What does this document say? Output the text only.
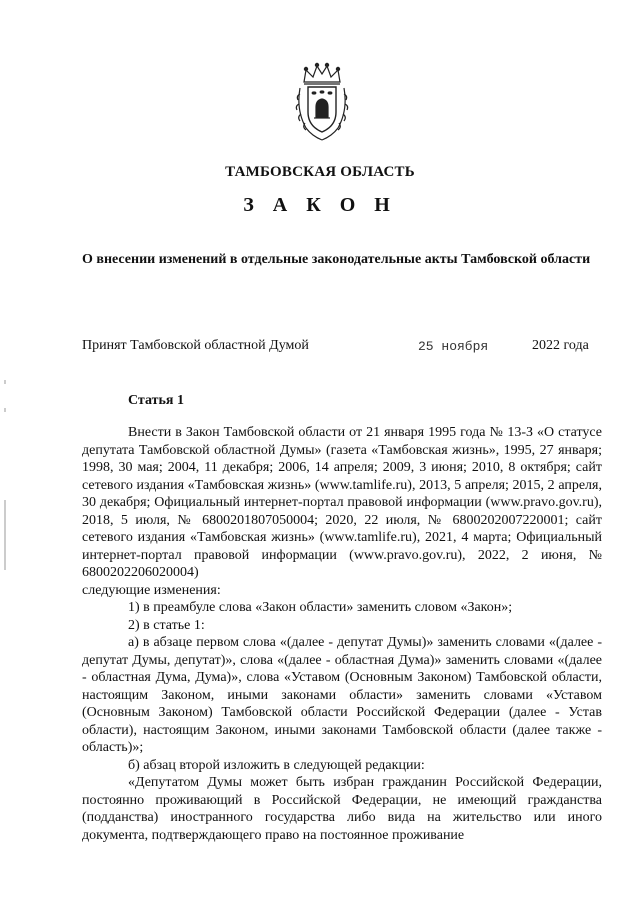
ТАМБОВСКАЯ ОБЛАСТЬ
З А К О Н
О внесении изменений в отдельные законодательные акты Тамбовской области
Принят Тамбовской областной Думой	25 ноября	2022 года
Статья 1

Внести в Закон Тамбовской области от 21 января 1995 года № 13-З «О статусе депутата Тамбовской областной Думы» (газета «Тамбовская жизнь», 1995, 27 января; 1998, 30 мая; 2004, 11 декабря; 2006, 14 апреля; 2009, 3 июня; 2010, 8 октября; сайт сетевого издания «Тамбовская жизнь» (www.tamlife.ru), 2013, 5 апреля; 2015, 2 апреля, 30 декабря; Официальный интернет-портал правовой информации (www.pravo.gov.ru), 2018, 5 июля, № 6800201807050004; 2020, 22 июля, № 6800202007220001; сайт сетевого издания «Тамбовская жизнь» (www.tamlife.ru), 2021, 4 марта; Официальный интернет-портал правовой информации (www.pravo.gov.ru), 2022, 2 июня, № 6800202206020004)

следующие изменения:

1) в преамбуле слова «Закон области» заменить словом «Закон»;

2) в статье 1:

а) в абзаце первом слова «(далее - депутат Думы)» заменить словами «(далее - депутат Думы, депутат)», слова «(далее - областная Дума)» заменить словами «(далее - областная Дума, Дума)», слова «Уставом (Основным Законом) Тамбовской области, настоящим Законом, иными законами области» заменить словами «Уставом (Основным Законом) Тамбовской области Российской Федерации (далее - Устав области), настоящим Законом, иными законами Тамбовской области (далее также - область)»;

б) абзац второй изложить в следующей редакции:

«Депутатом Думы может быть избран гражданин Российской Федерации, постоянно проживающий в Российской Федерации, не имеющий гражданства (подданства) иностранного государства либо вида на жительство или иного документа, подтверждающего право на постоянное проживание
